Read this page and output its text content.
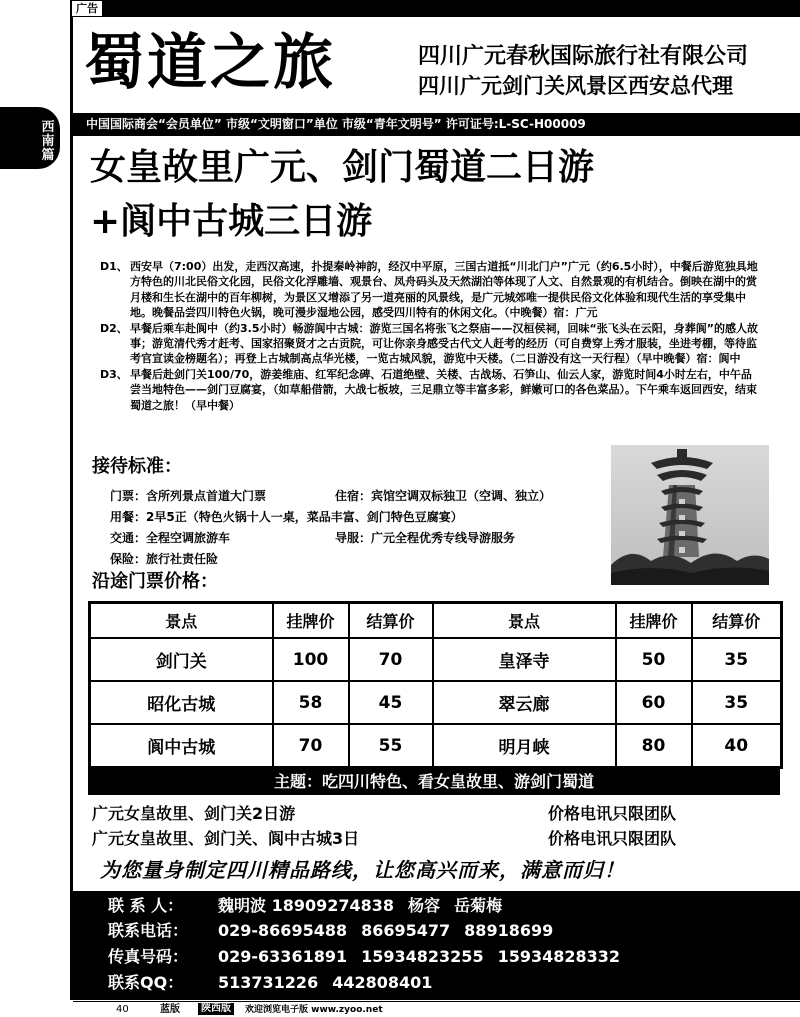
广告
西南篇
蜀道之旅	四川广元春秋国际旅行社有限公司
四川广元剑门关风景区西安总代理
中国国际商会“会员单位” 市级“文明窗口”单位 市级“青年文明号” 许可证号:L-SC-H00009
女皇故里广元、剑门蜀道二日游
+阆中古城三日游

D1、 西安早（7:00）出发，走西汉高速，扑提秦岭神韵，经汉中平原，三国古道抵“川北门户”广元（约6.5小时），中餐后游览独具地方特色的川北民俗文化园，民俗文化浮雕墙、观景台、凤舟码头及天然湖泊等体现了人文、自然景观的有机结合。倒映在湖中的赏月楼和生长在湖中的百年柳树，为景区又增添了另一道亮丽的风景线，是广元城郊唯一提供民俗文化体验和现代生活的享受集中地。晚餐品尝四川特色火锅，晚可漫步湿地公园，感受四川特有的休闲文化。（中晚餐）宿：广元

D2、 早餐后乘车赴阆中（约3.5小时）畅游阆中古城：游览三国名将张飞之祭庙——汉桓侯祠，回味“张飞头在云阳，身葬阆”的感人故事；游览清代秀才赶考、国家招聚贤才之古贡院，可让你亲身感受古代文人赶考的经历（可自费穿上秀才服装，坐进考棚，等待监考官宣读金榜题名）；再登上古城制高点华光楼，一览古城风貌，游览中天楼。（二日游没有这一天行程）（早中晚餐）宿：阆中

D3、 早餐后赴剑门关100/70，游姜维庙、红军纪念碑、石道绝壁、关楼、古战场、石笋山、仙云人家，游览时间4小时左右，中午品尝当地特色——剑门豆腐宴，（如草船借箭，大战七板坡，三足鼎立等丰富多彩，鲜嫩可口的各色菜品）。下午乘车返回西安，结束蜀道之旅！（早中餐）

接待标准：
门票：含所列景点首道大门票	住宿：宾馆空调双标独卫（空调、独立）
用餐：2早5正（特色火锅十人一桌，菜品丰富、剑门特色豆腐宴）
交通：全程空调旅游车	导服：广元全程优秀专线导游服务
保险：旅行社责任险
沿途门票价格：
景点	挂牌价	结算价	景点	挂牌价	结算价
剑门关	100	70	皇泽寺	50	35
昭化古城	58	45	翠云廊	60	35
阆中古城	70	55	明月峡	80	40
主题：吃四川特色、看女皇故里、游剑门蜀道
广元女皇故里、剑门关2日游	价格电讯只限团队
广元女皇故里、剑门关、阆中古城3日	价格电讯只限团队
为您量身制定四川精品路线，让您高兴而来，满意而归！
联 系 人： 魏明波 18909274838 杨容 岳菊梅
联系电话： 029-86695488 86695477 88918699
传真号码： 029-63361891 15934823255 15934828332
联系QQ： 513731226 442808401
40	蓝版	陕西版	欢迎浏览电子版 www.zyoo.net
